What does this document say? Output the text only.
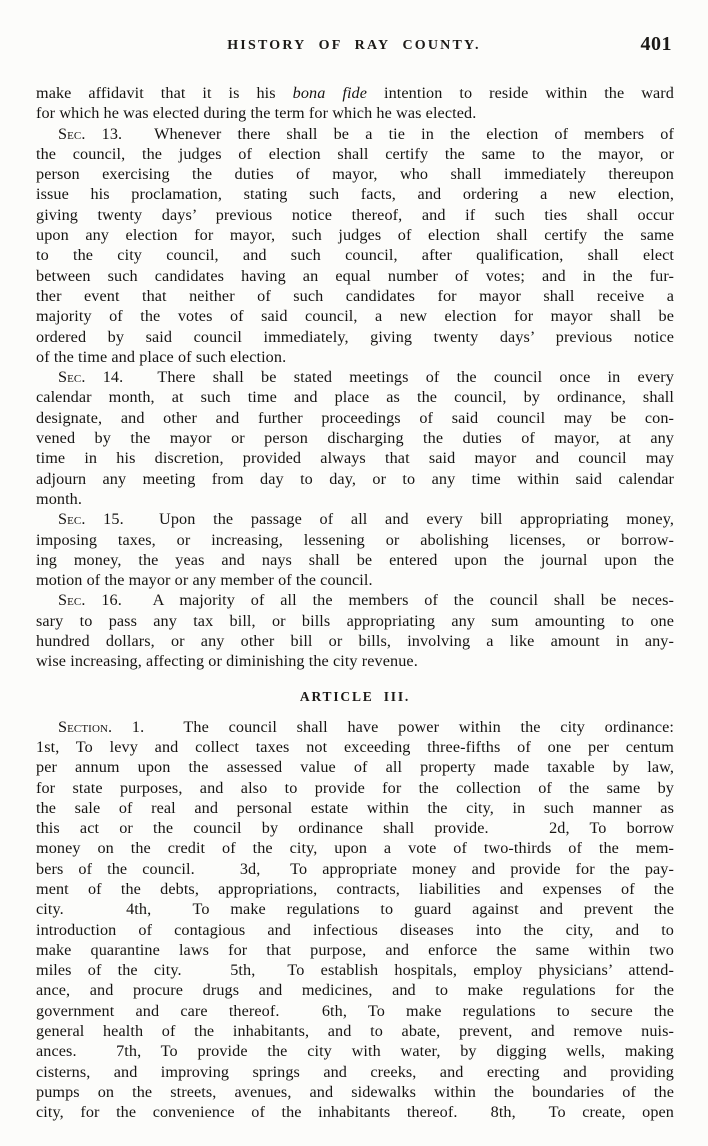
HISTORY OF RAY COUNTY.	401
make affidavit that it is his bona fide intention to reside within the ward
for which he was elected during the term for which he was elected.
Sec. 13.  Whenever there shall be a tie in the election of members of
the council, the judges of election shall certify the same to the mayor, or
person exercising the duties of mayor, who shall immediately thereupon
issue his proclamation, stating such facts, and ordering a new election,
giving twenty days’ previous notice thereof, and if such ties shall occur
upon any election for mayor, such judges of election shall certify the same
to the city council, and such council, after qualification, shall elect
between such candidates having an equal number of votes; and in the fur-
ther event that neither of such candidates for mayor shall receive a
majority of the votes of said council, a new election for mayor shall be
ordered by said council immediately, giving twenty days’ previous notice
of the time and place of such election.
Sec. 14.  There shall be stated meetings of the council once in every
calendar month, at such time and place as the council, by ordinance, shall
designate, and other and further proceedings of said council may be con-
vened by the mayor or person discharging the duties of mayor, at any
time in his discretion, provided always that said mayor and council may
adjourn any meeting from day to day, or to any time within said calendar
month.
Sec. 15.  Upon the passage of all and every bill appropriating money,
imposing taxes, or increasing, lessening or abolishing licenses, or borrow-
ing money, the yeas and nays shall be entered upon the journal upon the
motion of the mayor or any member of the council.
Sec. 16.  A majority of all the members of the council shall be neces-
sary to pass any tax bill, or bills appropriating any sum amounting to one
hundred dollars, or any other bill or bills, involving a like amount in any-
wise increasing, affecting or diminishing the city revenue.
ARTICLE III.
Section. 1.  The council shall have power within the city ordinance:
1st, To levy and collect taxes not exceeding three-fifths of one per centum
per annum upon the assessed value of all property made taxable by law,
for state purposes, and also to provide for the collection of the same by
the sale of real and personal estate within the city, in such manner as
this act or the council by ordinance shall provide.   2d, To borrow
money on the credit of the city, upon a vote of two-thirds of the mem-
bers of the council.   3d,  To appropriate money and provide for the pay-
ment of the debts, appropriations, contracts, liabilities and expenses of the
city.   4th,  To make regulations to guard against and prevent the
introduction of contagious and infectious diseases into the city, and to
make quarantine laws for that purpose, and enforce the same within two
miles of the city.   5th,  To establish hospitals, employ physicians’ attend-
ance, and procure drugs and medicines, and to make regulations for the
government and care thereof.  6th, To make regulations to secure the
general health of the inhabitants, and to abate, prevent, and remove nuis-
ances.  7th, To provide the city with water, by digging wells, making
cisterns, and improving springs and creeks, and erecting and providing
pumps on the streets, avenues, and sidewalks within the boundaries of the
city, for the convenience of the inhabitants thereof.  8th,  To create, open
